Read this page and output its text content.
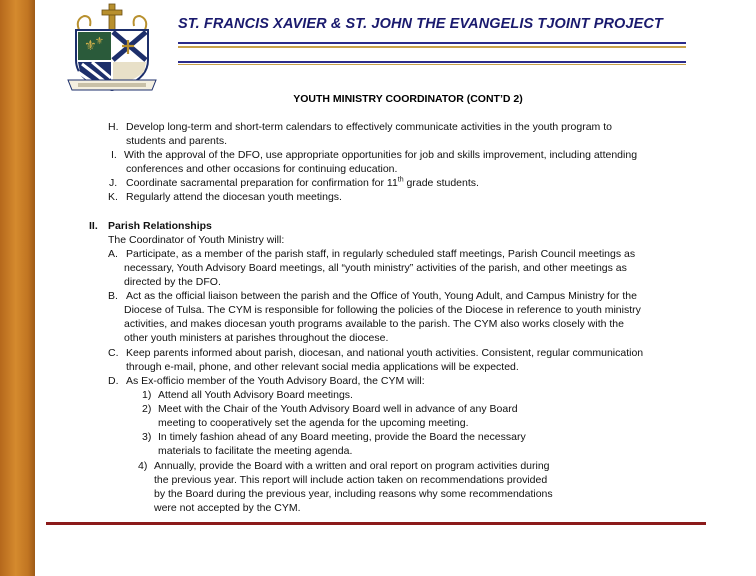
⚜
⚜
ST. FRANCIS XAVIER & ST. JOHN THE EVANGELIS TJOINT PROJECT
YOUTH MINISTRY COORDINATOR (CONT’D 2)
H. Develop long-term and short-term calendars to effectively communicate activities in the youth program to
students and parents.
I. With the approval of the DFO, use appropriate opportunities for job and skills improvement, including attending
conferences and other occasions for continuing education.
J. Coordinate sacramental preparation for confirmation for 11th grade students.
K. Regularly attend the diocesan youth meetings.
II. Parish Relationships
The Coordinator of Youth Ministry will:
A. Participate, as a member of the parish staff, in regularly scheduled staff meetings, Parish Council meetings as
necessary, Youth Advisory Board meetings, all “youth ministry” activities of the parish, and other meetings as
directed by the DFO.
B. Act as the official liaison between the parish and the Office of Youth, Young Adult, and Campus Ministry for the
Diocese of Tulsa. The CYM is responsible for following the policies of the Diocese in reference to youth ministry
activities, and makes diocesan youth programs available to the parish. The CYM also works closely with the
other youth ministers at parishes throughout the diocese.
C. Keep parents informed about parish, diocesan, and national youth activities. Consistent, regular communication
through e-mail, phone, and other relevant social media applications will be expected.
D. As Ex-officio member of the Youth Advisory Board, the CYM will:
1) Attend all Youth Advisory Board meetings.
2) Meet with the Chair of the Youth Advisory Board well in advance of any Board
meeting to cooperatively set the agenda for the upcoming meeting.
3) In timely fashion ahead of any Board meeting, provide the Board the necessary
materials to facilitate the meeting agenda.
4) Annually, provide the Board with a written and oral report on program activities during
the previous year. This report will include action taken on recommendations provided
by the Board during the previous year, including reasons why some recommendations
were not accepted by the CYM.
